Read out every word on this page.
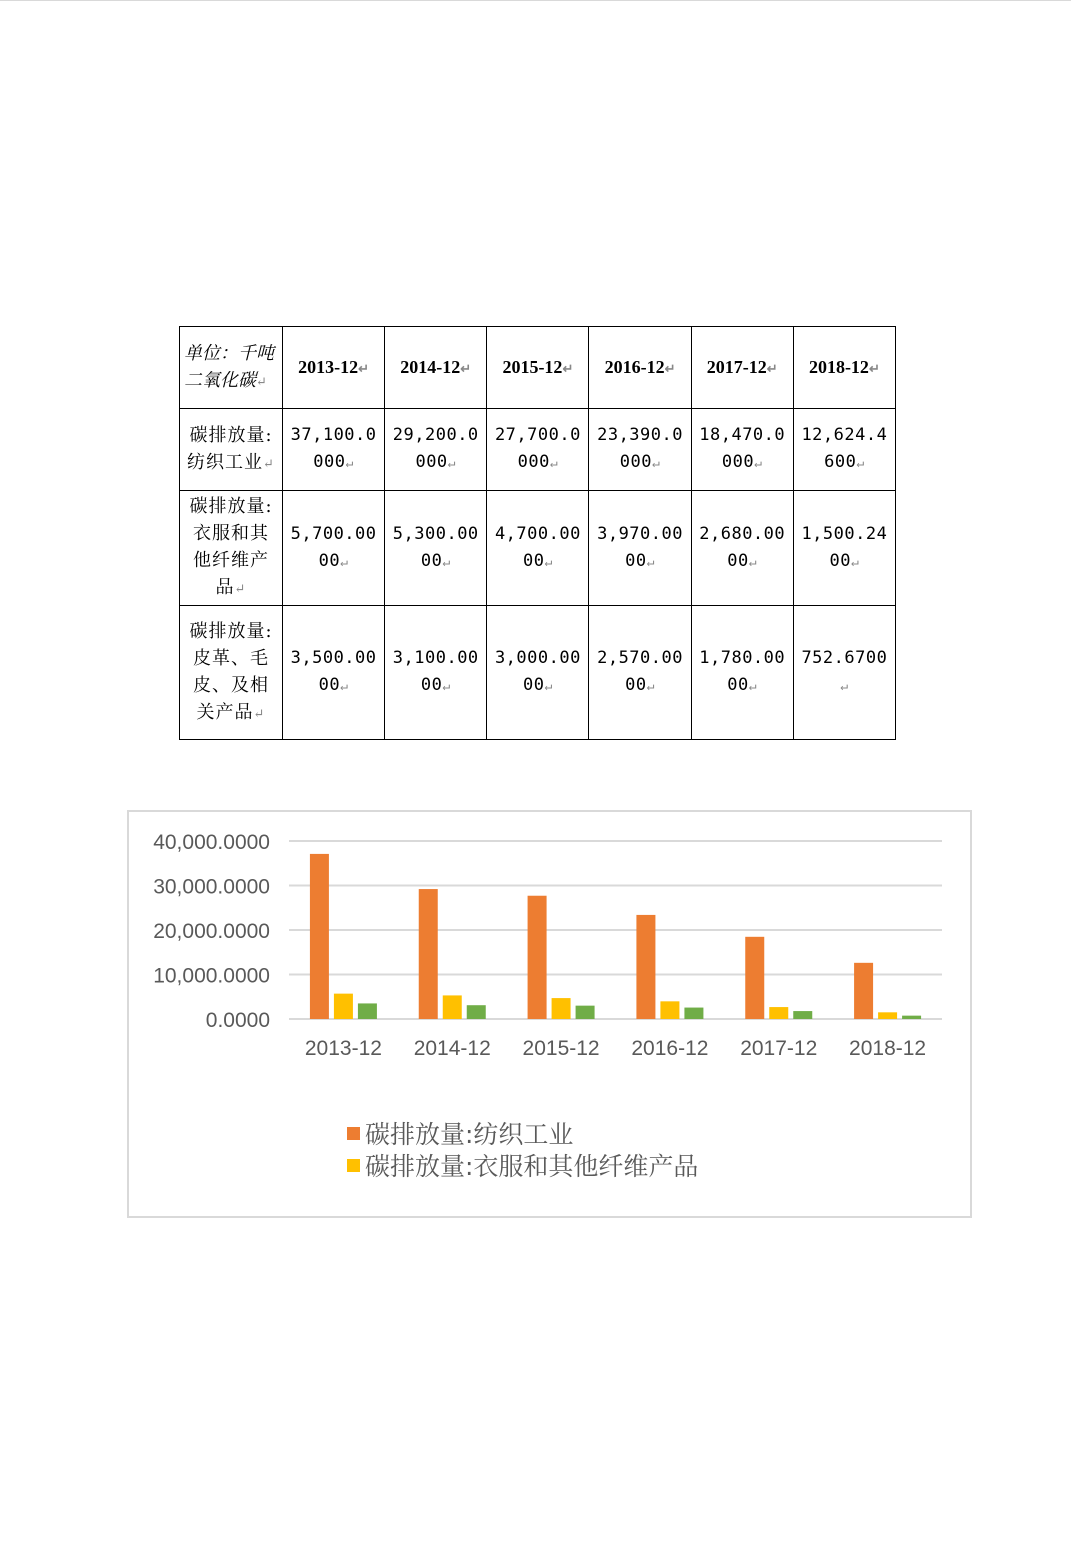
单位：千吨二氧化碳↵	2013-12↵	2014-12↵	2015-12↵	2016-12↵	2017-12↵	2018-12↵
碳排放量:纺织工业↵	37,100.0000↵	29,200.0000↵	27,700.0000↵	23,390.0000↵	18,470.0000↵	12,624.4600↵
碳排放量:衣服和其他纤维产品↵	5,700.0000↵	5,300.0000↵	4,700.0000↵	3,970.0000↵	2,680.0000↵	1,500.2400↵
碳排放量:皮革、毛皮、及相关产品↵	3,500.0000↵	3,100.0000↵	3,000.0000↵	2,570.0000↵	1,780.0000↵	752.6700↵
0.0000
10,000.0000
20,000.0000
30,000.0000
40,000.0000
2013-12 2014-12 2015-12 2016-12 2017-12 2018-12
碳排放量:纺织工业
碳排放量:衣服和其他纤维产品
